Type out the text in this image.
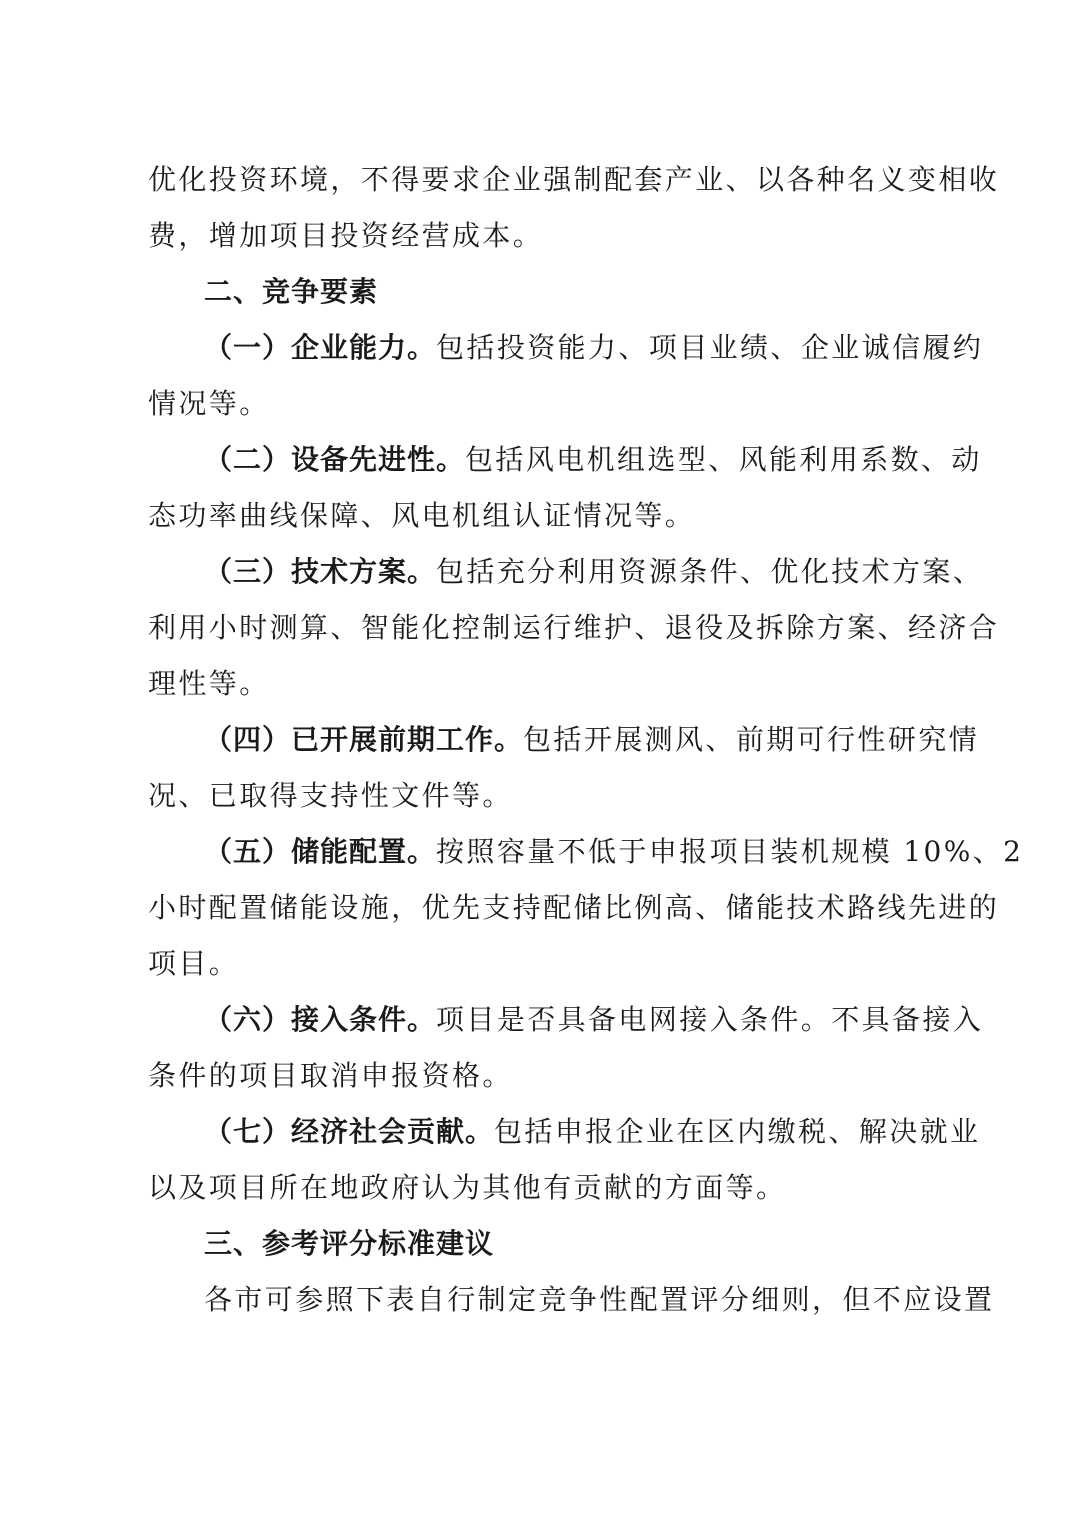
优化投资环境，不得要求企业强制配套产业、以各种名义变相收
费，增加项目投资经营成本。
二、竞争要素
（一）企业能力。包括投资能力、项目业绩、企业诚信履约
情况等。
（二）设备先进性。包括风电机组选型、风能利用系数、动
态功率曲线保障、风电机组认证情况等。
（三）技术方案。包括充分利用资源条件、优化技术方案、
利用小时测算、智能化控制运行维护、退役及拆除方案、经济合
理性等。
（四）已开展前期工作。包括开展测风、前期可行性研究情
况、已取得支持性文件等。
（五）储能配置。按照容量不低于申报项目装机规模 10%、2
小时配置储能设施，优先支持配储比例高、储能技术路线先进的
项目。
（六）接入条件。项目是否具备电网接入条件。不具备接入
条件的项目取消申报资格。
（七）经济社会贡献。包括申报企业在区内缴税、解决就业
以及项目所在地政府认为其他有贡献的方面等。
三、参考评分标准建议
各市可参照下表自行制定竞争性配置评分细则，但不应设置
